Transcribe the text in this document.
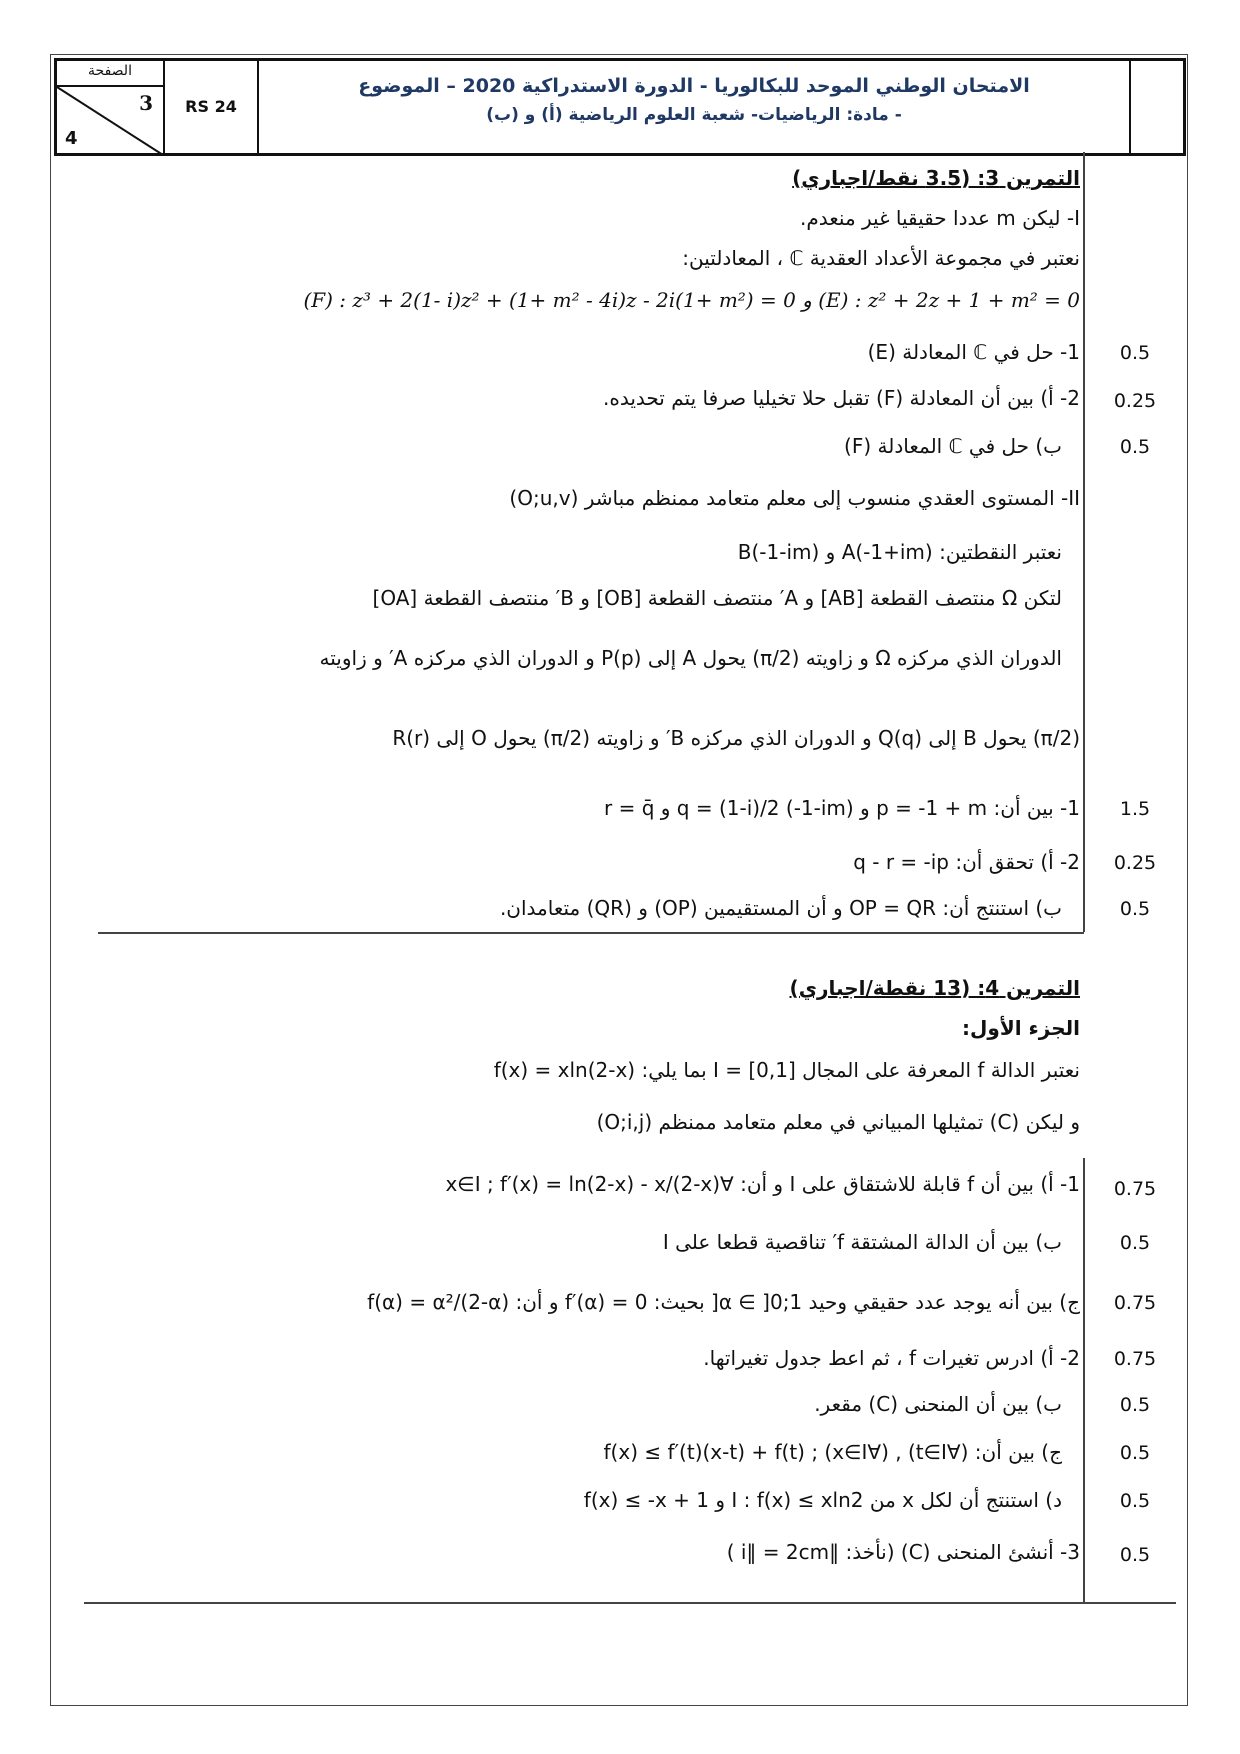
الصفحة
3
4
RS 24
الامتحان الوطني الموحد للبكالوريا - الدورة الاستدراكية 2020 – الموضوع
- مادة: الرياضيات- شعبة العلوم الرياضية (أ) و (ب)
التمرين 3: (3.5 نقط/اجباري)
I- ليكن m عددا حقيقيا غير منعدم.
نعتبر في مجموعة الأعداد العقدية ℂ ، المعادلتين:
(F) : z³ + 2(1- i)z² + (1+ m² - 4i)z - 2i(1+ m²) = 0 و (E) : z² + 2z + 1 + m² = 0
1- حل في ℂ المعادلة (E)
2- أ) بين أن المعادلة (F) تقبل حلا تخيليا صرفا يتم تحديده.
ب) حل في ℂ المعادلة (F)
II- المستوى العقدي منسوب إلى معلم متعامد ممنظم مباشر (O;u,v)
نعتبر النقطتين: A(-1+im) و B(-1-im)
لتكن Ω منتصف القطعة [AB] و A′ منتصف القطعة [OB] و B′ منتصف القطعة [OA]
الدوران الذي مركزه Ω و زاويته (π/2) يحول A إلى P(p) و الدوران الذي مركزه A′ و زاويته
(π/2) يحول B إلى Q(q) و الدوران الذي مركزه B′ و زاويته (π/2) يحول O إلى R(r)
1- بين أن: p = -1 + m و q = (1-i)/2 (-1-im) و r = q̄
2- أ) تحقق أن: q - r = -ip
ب) استنتج أن: OP = QR و أن المستقيمين (OP) و (QR) متعامدان.
0.5
0.25
0.5
1.5
0.25
0.5
التمرين 4: (13 نقطة/اجباري)
الجزء الأول:
نعتبر الدالة f المعرفة على المجال I = [0,1] بما يلي: f(x) = xln(2-x)
و ليكن (C) تمثيلها المبياني في معلم متعامد ممنظم (O;i,j)
1- أ) بين أن f قابلة للاشتقاق على I و أن: ∀x∈I ; f′(x) = ln(2-x) - x/(2-x)
ب) بين أن الدالة المشتقة f′ تناقصية قطعا على I
ج) بين أنه يوجد عدد حقيقي وحيد α ∈ ]0;1[ بحيث: f′(α) = 0 و أن: f(α) = α²/(2-α)
2- أ) ادرس تغيرات f ، ثم اعط جدول تغيراتها.
ب) بين أن المنحنى (C) مقعر.
ج) بين أن: (∀t∈I) , (∀x∈I) ; f(x) ≤ f′(t)(x-t) + f(t)
د) استنتج أن لكل x من I : f(x) ≤ xln2 و f(x) ≤ -x + 1
3- أنشئ المنحنى (C) (نأخذ: ‖i‖ = 2cm )
0.75
0.5
0.75
0.75
0.5
0.5
0.5
0.5
